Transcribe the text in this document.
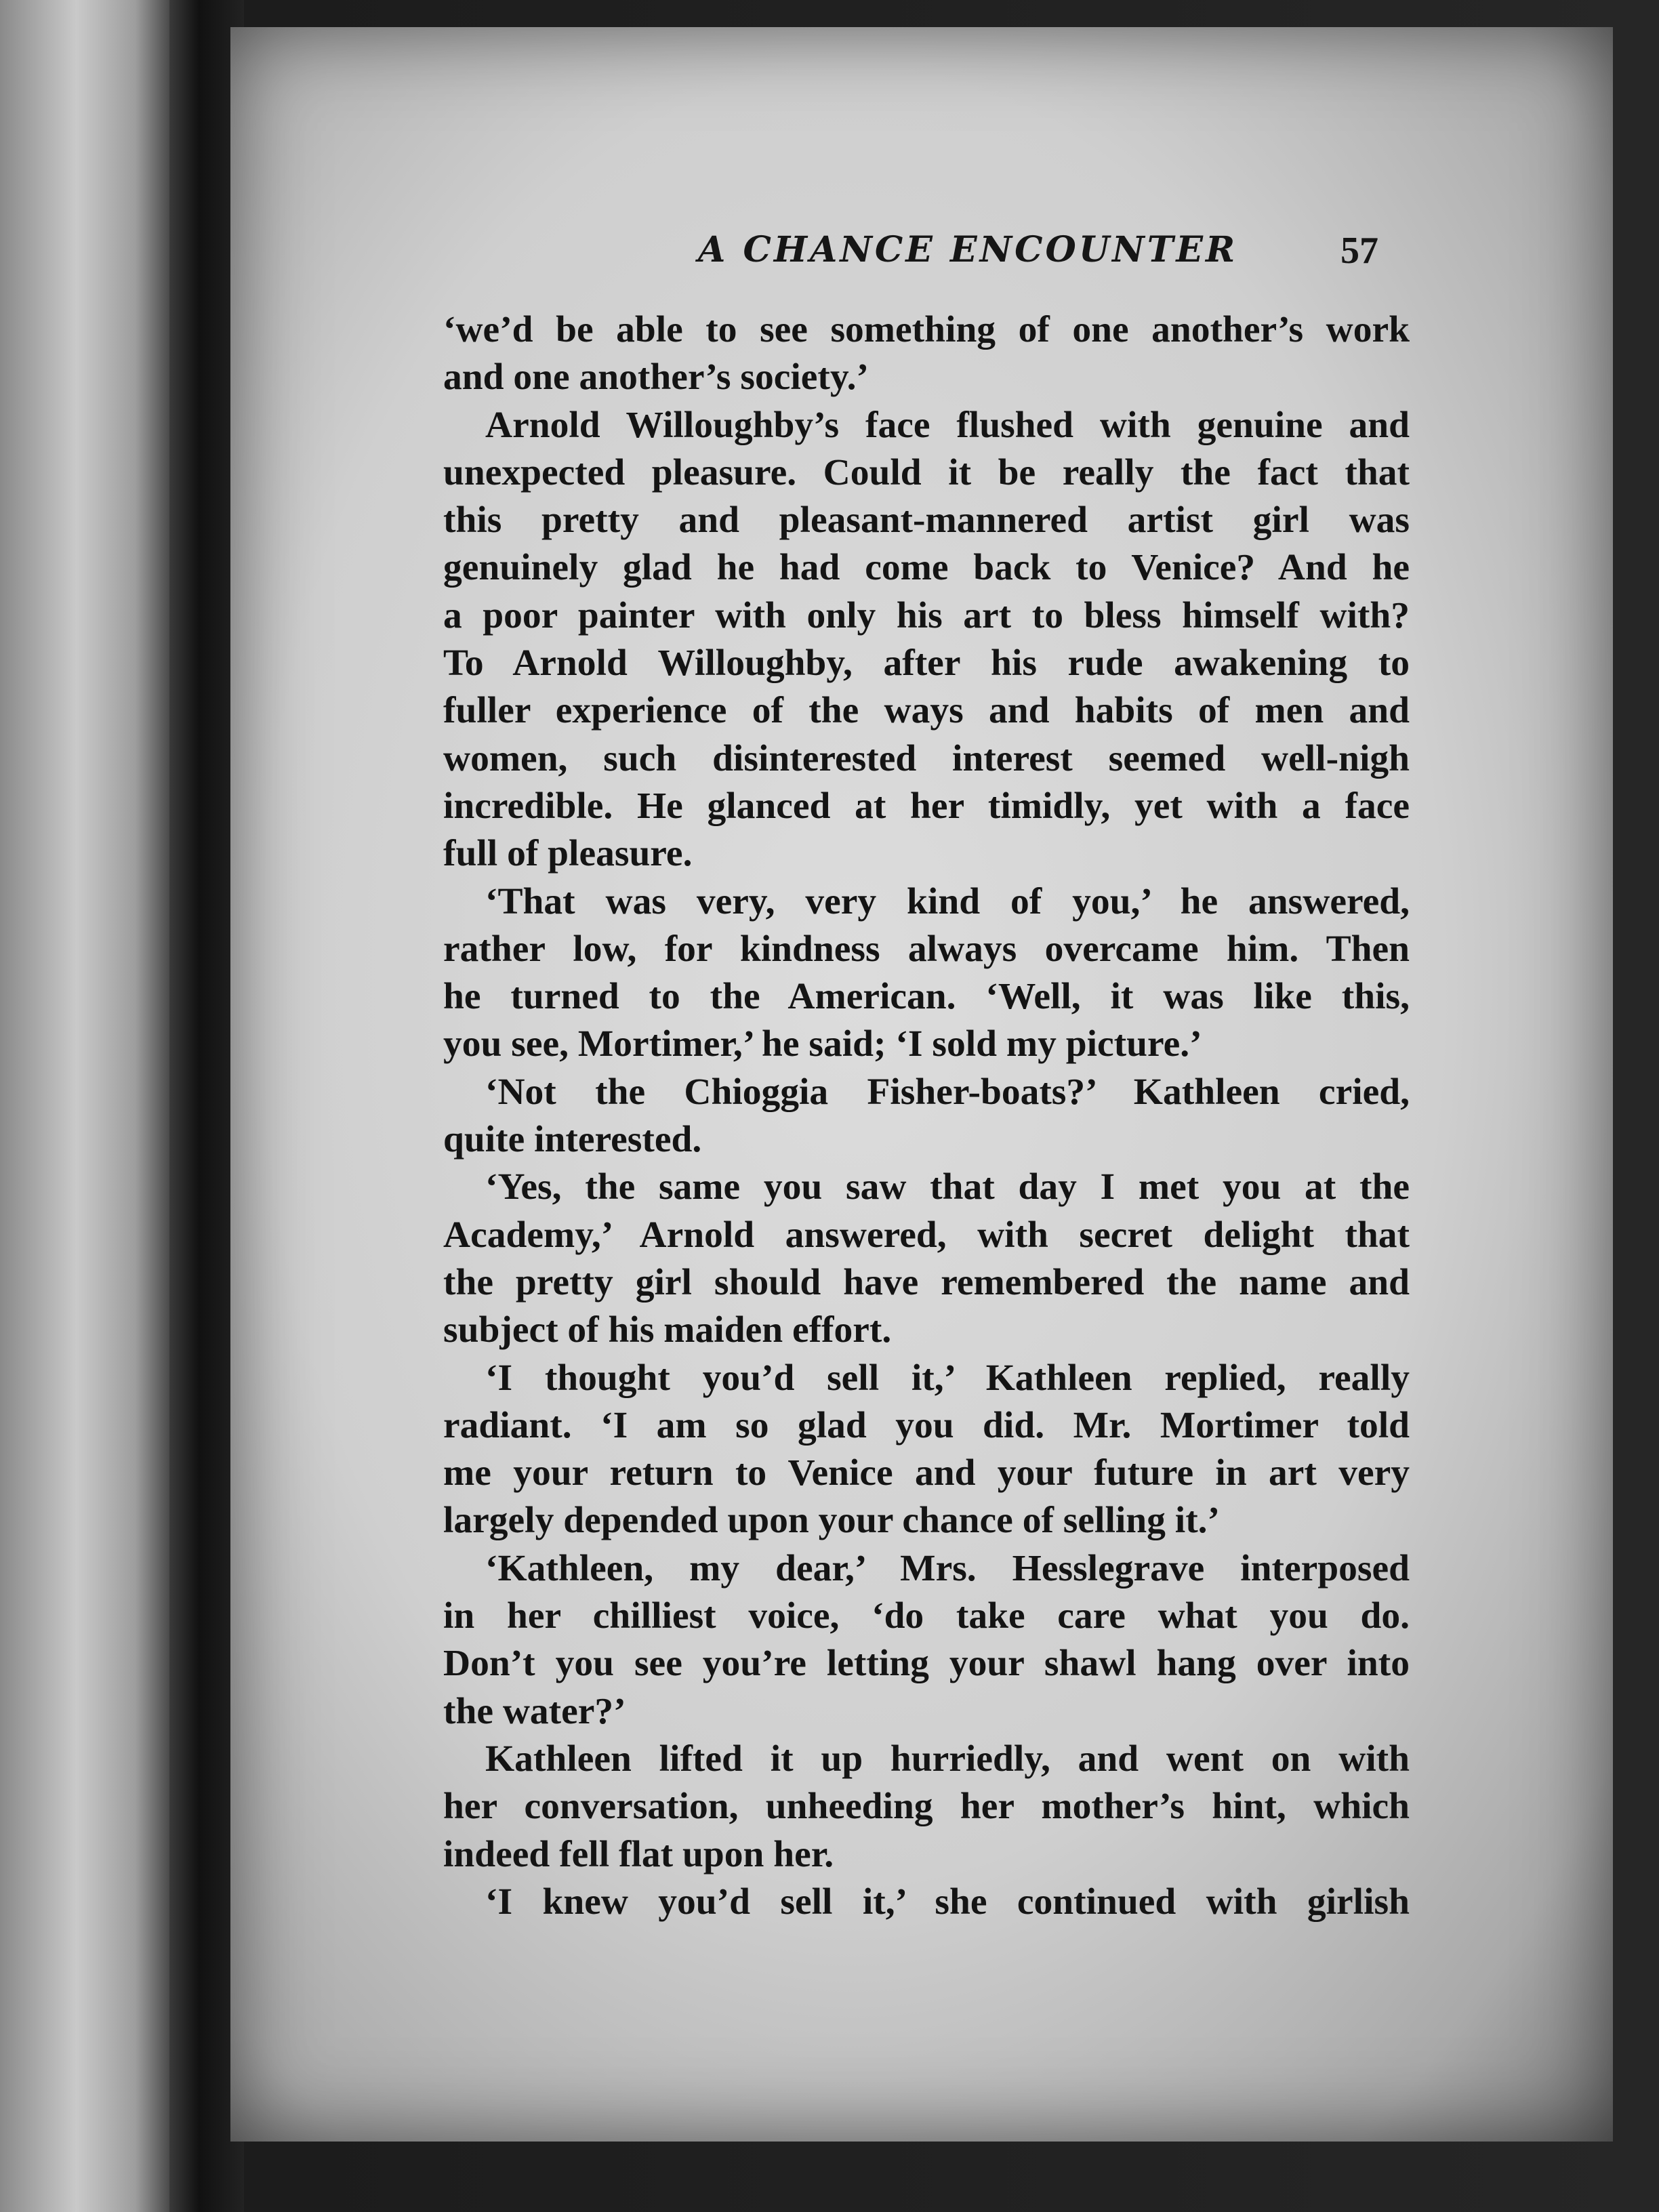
A CHANCE ENCOUNTER	57
‘we’d be able to see something of one another’s work
and one another’s society.’
Arnold Willoughby’s face flushed with genuine and
unexpected pleasure. Could it be really the fact that
this pretty and pleasant-mannered artist girl was
genuinely glad he had come back to Venice? And he
a poor painter with only his art to bless himself with?
To Arnold Willoughby, after his rude awakening to
fuller experience of the ways and habits of men and
women, such disinterested interest seemed well-nigh
incredible. He glanced at her timidly, yet with a face
full of pleasure.
‘That was very, very kind of you,’ he answered,
rather low, for kindness always overcame him. Then
he turned to the American. ‘Well, it was like this,
you see, Mortimer,’ he said; ‘I sold my picture.’
‘Not the Chioggia Fisher-boats?’ Kathleen cried,
quite interested.
‘Yes, the same you saw that day I met you at the
Academy,’ Arnold answered, with secret delight that
the pretty girl should have remembered the name and
subject of his maiden effort.
‘I thought you’d sell it,’ Kathleen replied, really
radiant. ‘I am so glad you did. Mr. Mortimer told
me your return to Venice and your future in art very
largely depended upon your chance of selling it.’
‘Kathleen, my dear,’ Mrs. Hesslegrave interposed
in her chilliest voice, ‘do take care what you do.
Don’t you see you’re letting your shawl hang over into
the water?’
Kathleen lifted it up hurriedly, and went on with
her conversation, unheeding her mother’s hint, which
indeed fell flat upon her.
‘I knew you’d sell it,’ she continued with girlish
